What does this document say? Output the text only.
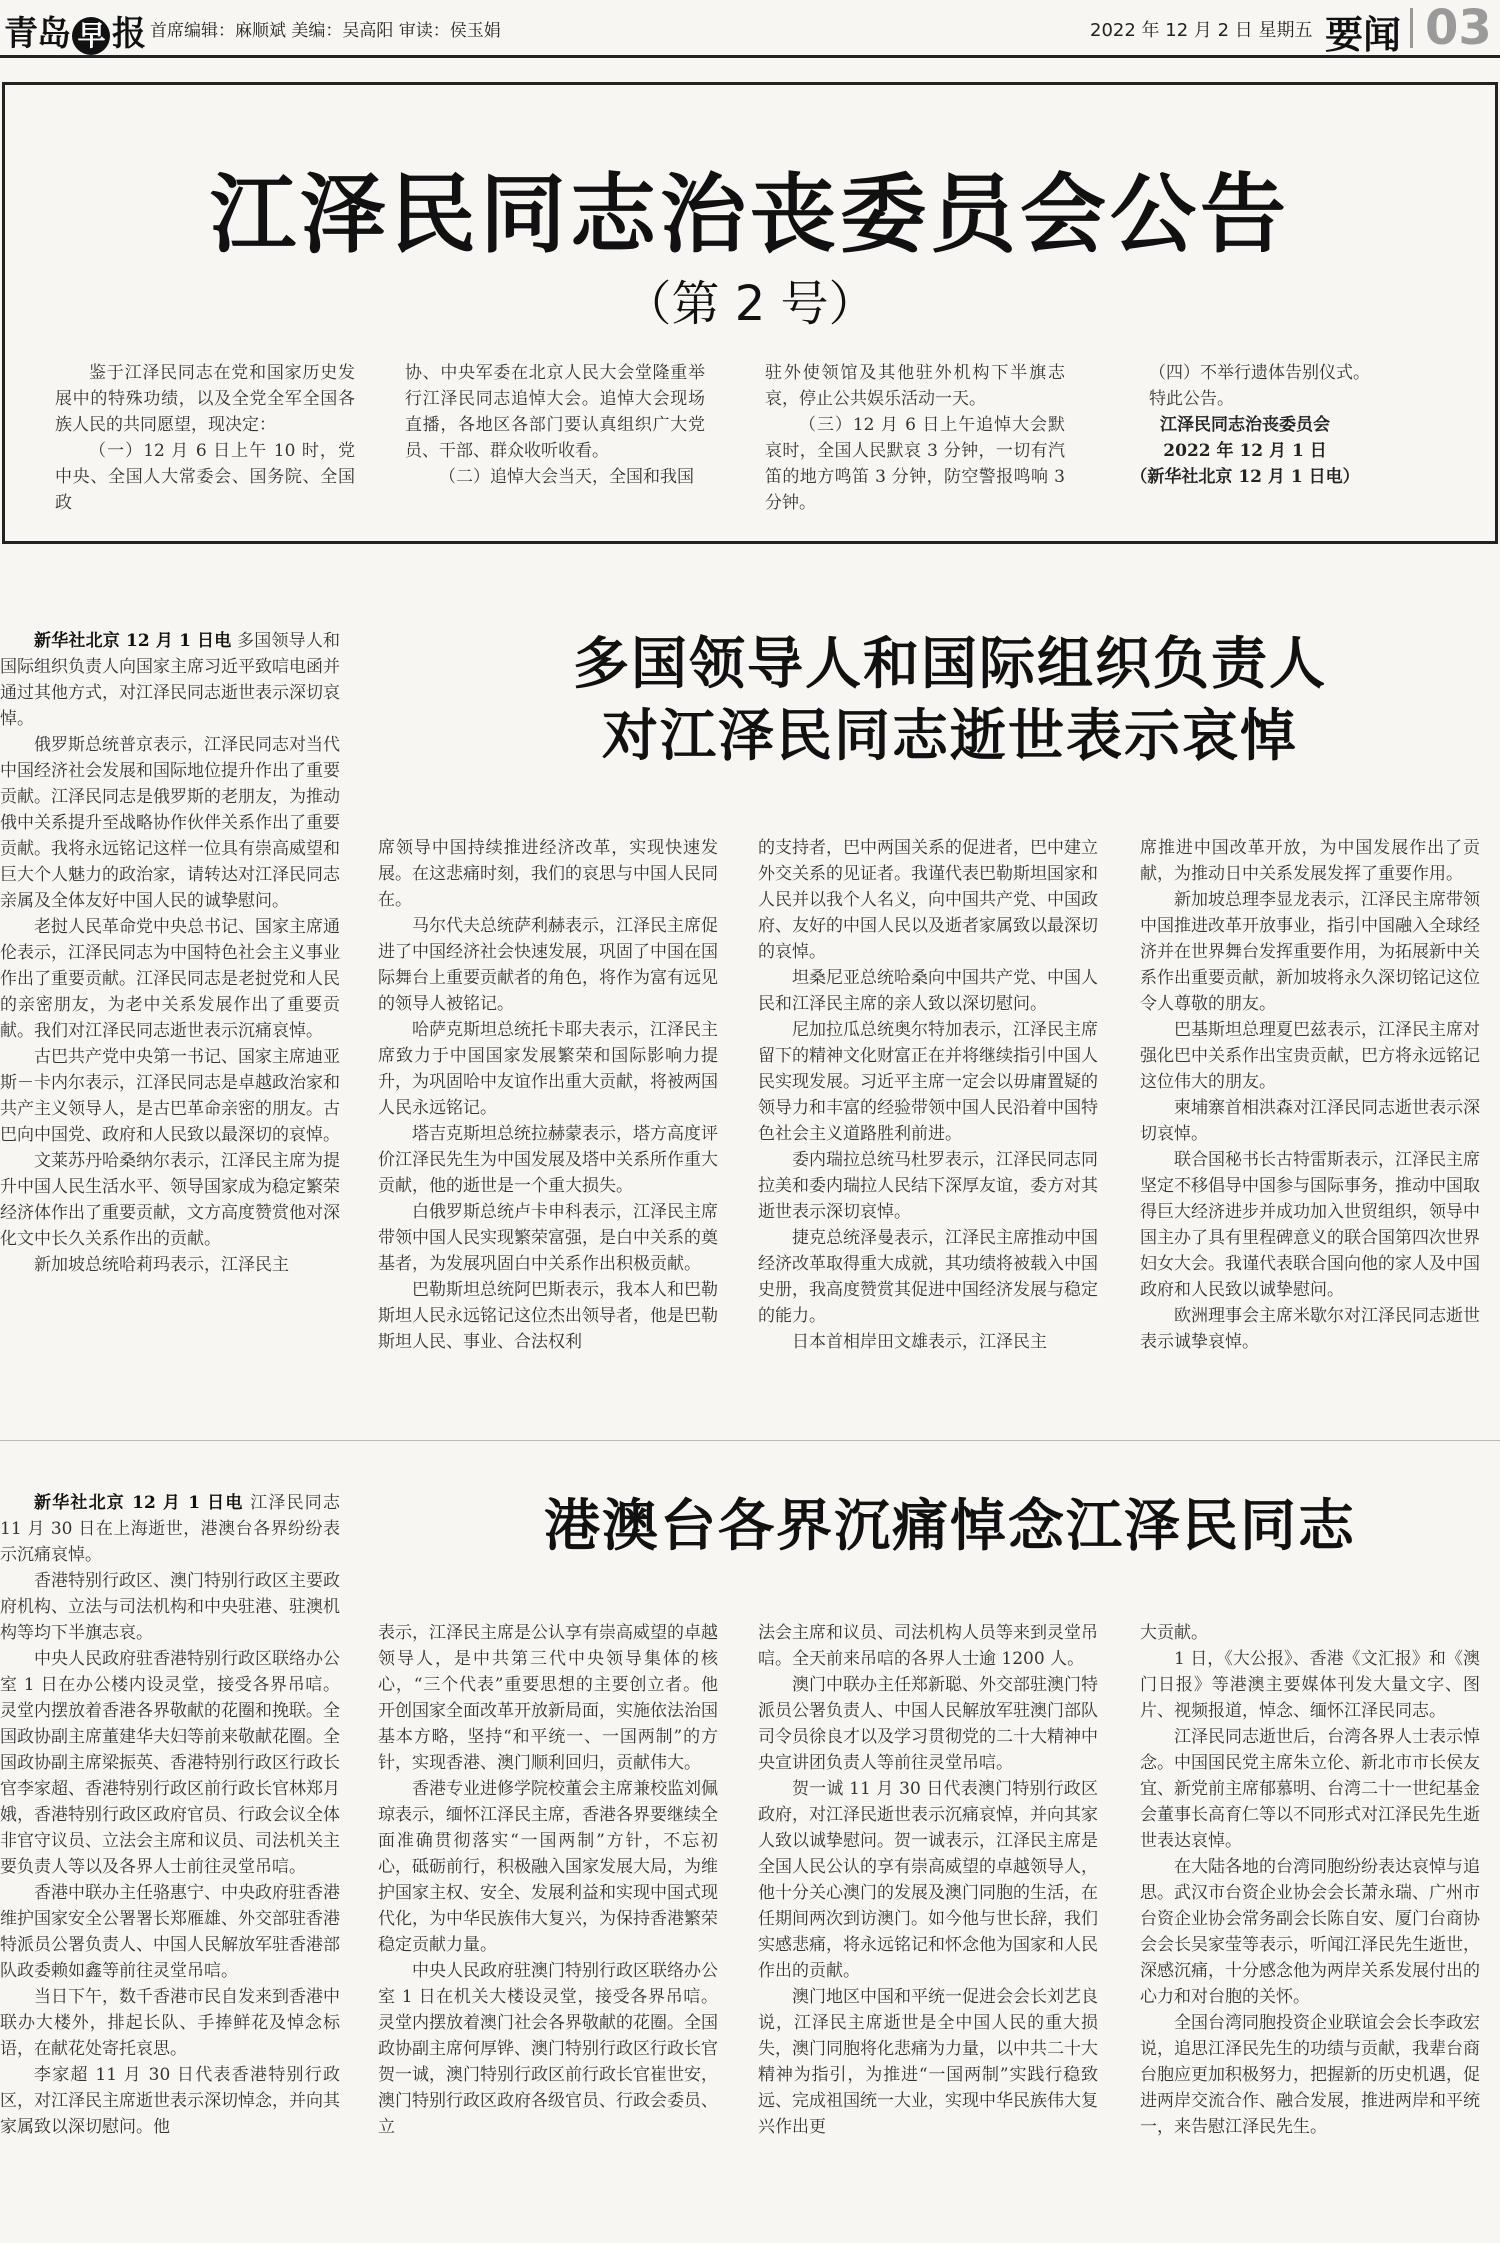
青岛 早 报 首席编辑：麻顺斌 美编：吴高阳 审读：侯玉娟	2022 年 12 月 2 日 星期五 要闻 03
江泽民同志治丧委员会公告
（第 2 号）

鉴于江泽民同志在党和国家历史发展中的特殊功绩，以及全党全军全国各族人民的共同愿望，现决定：

（一）12 月 6 日上午 10 时，党中央、全国人大常委会、国务院、全国政

协、中央军委在北京人民大会堂隆重举行江泽民同志追悼大会。追悼大会现场直播，各地区各部门要认真组织广大党员、干部、群众收听收看。

（二）追悼大会当天，全国和我国

驻外使领馆及其他驻外机构下半旗志哀，停止公共娱乐活动一天。

（三）12 月 6 日上午追悼大会默哀时，全国人民默哀 3 分钟，一切有汽笛的地方鸣笛 3 分钟，防空警报鸣响 3 分钟。

（四）不举行遗体告别仪式。

特此公告。

江泽民同志治丧委员会
2022 年 12 月 1 日
（新华社北京 12 月 1 日电）

新华社北京 12 月 1 日电 多国领导人和国际组织负责人向国家主席习近平致唁电函并通过其他方式，对江泽民同志逝世表示深切哀悼。

俄罗斯总统普京表示，江泽民同志对当代中国经济社会发展和国际地位提升作出了重要贡献。江泽民同志是俄罗斯的老朋友，为推动俄中关系提升至战略协作伙伴关系作出了重要贡献。我将永远铭记这样一位具有崇高威望和巨大个人魅力的政治家，请转达对江泽民同志亲属及全体友好中国人民的诚挚慰问。

老挝人民革命党中央总书记、国家主席通伦表示，江泽民同志为中国特色社会主义事业作出了重要贡献。江泽民同志是老挝党和人民的亲密朋友，为老中关系发展作出了重要贡献。我们对江泽民同志逝世表示沉痛哀悼。

古巴共产党中央第一书记、国家主席迪亚斯－卡内尔表示，江泽民同志是卓越政治家和共产主义领导人，是古巴革命亲密的朋友。古巴向中国党、政府和人民致以最深切的哀悼。

文莱苏丹哈桑纳尔表示，江泽民主席为提升中国人民生活水平、领导国家成为稳定繁荣经济体作出了重要贡献，文方高度赞赏他对深化文中长久关系作出的贡献。

新加坡总统哈莉玛表示，江泽民主

多国领导人和国际组织负责人
对江泽民同志逝世表示哀悼

席领导中国持续推进经济改革，实现快速发展。在这悲痛时刻，我们的哀思与中国人民同在。

马尔代夫总统萨利赫表示，江泽民主席促进了中国经济社会快速发展，巩固了中国在国际舞台上重要贡献者的角色，将作为富有远见的领导人被铭记。

哈萨克斯坦总统托卡耶夫表示，江泽民主席致力于中国国家发展繁荣和国际影响力提升，为巩固哈中友谊作出重大贡献，将被两国人民永远铭记。

塔吉克斯坦总统拉赫蒙表示，塔方高度评价江泽民先生为中国发展及塔中关系所作重大贡献，他的逝世是一个重大损失。

白俄罗斯总统卢卡申科表示，江泽民主席带领中国人民实现繁荣富强，是白中关系的奠基者，为发展巩固白中关系作出积极贡献。

巴勒斯坦总统阿巴斯表示，我本人和巴勒斯坦人民永远铭记这位杰出领导者，他是巴勒斯坦人民、事业、合法权利

的支持者，巴中两国关系的促进者，巴中建立外交关系的见证者。我谨代表巴勒斯坦国家和人民并以我个人名义，向中国共产党、中国政府、友好的中国人民以及逝者家属致以最深切的哀悼。

坦桑尼亚总统哈桑向中国共产党、中国人民和江泽民主席的亲人致以深切慰问。

尼加拉瓜总统奥尔特加表示，江泽民主席留下的精神文化财富正在并将继续指引中国人民实现发展。习近平主席一定会以毋庸置疑的领导力和丰富的经验带领中国人民沿着中国特色社会主义道路胜利前进。

委内瑞拉总统马杜罗表示，江泽民同志同拉美和委内瑞拉人民结下深厚友谊，委方对其逝世表示深切哀悼。

捷克总统泽曼表示，江泽民主席推动中国经济改革取得重大成就，其功绩将被载入中国史册，我高度赞赏其促进中国经济发展与稳定的能力。

日本首相岸田文雄表示，江泽民主

席推进中国改革开放，为中国发展作出了贡献，为推动日中关系发展发挥了重要作用。

新加坡总理李显龙表示，江泽民主席带领中国推进改革开放事业，指引中国融入全球经济并在世界舞台发挥重要作用，为拓展新中关系作出重要贡献，新加坡将永久深切铭记这位令人尊敬的朋友。

巴基斯坦总理夏巴兹表示，江泽民主席对强化巴中关系作出宝贵贡献，巴方将永远铭记这位伟大的朋友。

柬埔寨首相洪森对江泽民同志逝世表示深切哀悼。

联合国秘书长古特雷斯表示，江泽民主席坚定不移倡导中国参与国际事务，推动中国取得巨大经济进步并成功加入世贸组织，领导中国主办了具有里程碑意义的联合国第四次世界妇女大会。我谨代表联合国向他的家人及中国政府和人民致以诚挚慰问。

欧洲理事会主席米歇尔对江泽民同志逝世表示诚挚哀悼。

新华社北京 12 月 1 日电 江泽民同志 11 月 30 日在上海逝世，港澳台各界纷纷表示沉痛哀悼。

香港特别行政区、澳门特别行政区主要政府机构、立法与司法机构和中央驻港、驻澳机构等均下半旗志哀。

中央人民政府驻香港特别行政区联络办公室 1 日在办公楼内设灵堂，接受各界吊唁。灵堂内摆放着香港各界敬献的花圈和挽联。全国政协副主席董建华夫妇等前来敬献花圈。全国政协副主席梁振英、香港特别行政区行政长官李家超、香港特别行政区前行政长官林郑月娥，香港特别行政区政府官员、行政会议全体非官守议员、立法会主席和议员、司法机关主要负责人等以及各界人士前往灵堂吊唁。

香港中联办主任骆惠宁、中央政府驻香港维护国家安全公署署长郑雁雄、外交部驻香港特派员公署负责人、中国人民解放军驻香港部队政委赖如鑫等前往灵堂吊唁。

当日下午，数千香港市民自发来到香港中联办大楼外，排起长队、手捧鲜花及悼念标语，在献花处寄托哀思。

李家超 11 月 30 日代表香港特别行政区，对江泽民主席逝世表示深切悼念，并向其家属致以深切慰问。他

港澳台各界沉痛悼念江泽民同志

表示，江泽民主席是公认享有崇高威望的卓越领导人，是中共第三代中央领导集体的核心，“三个代表”重要思想的主要创立者。他开创国家全面改革开放新局面，实施依法治国基本方略，坚持“和平统一、一国两制”的方针，实现香港、澳门顺利回归，贡献伟大。

香港专业进修学院校董会主席兼校监刘佩琼表示，缅怀江泽民主席，香港各界要继续全面准确贯彻落实“一国两制”方针，不忘初心，砥砺前行，积极融入国家发展大局，为维护国家主权、安全、发展利益和实现中国式现代化，为中华民族伟大复兴，为保持香港繁荣稳定贡献力量。

中央人民政府驻澳门特别行政区联络办公室 1 日在机关大楼设灵堂，接受各界吊唁。灵堂内摆放着澳门社会各界敬献的花圈。全国政协副主席何厚铧、澳门特别行政区行政长官贺一诚，澳门特别行政区前行政长官崔世安，澳门特别行政区政府各级官员、行政会委员、立

法会主席和议员、司法机构人员等来到灵堂吊唁。全天前来吊唁的各界人士逾 1200 人。

澳门中联办主任郑新聪、外交部驻澳门特派员公署负责人、中国人民解放军驻澳门部队司令员徐良才以及学习贯彻党的二十大精神中央宣讲团负责人等前往灵堂吊唁。

贺一诚 11 月 30 日代表澳门特别行政区政府，对江泽民逝世表示沉痛哀悼，并向其家人致以诚挚慰问。贺一诚表示，江泽民主席是全国人民公认的享有崇高威望的卓越领导人，他十分关心澳门的发展及澳门同胞的生活，在任期间两次到访澳门。如今他与世长辞，我们实感悲痛，将永远铭记和怀念他为国家和人民作出的贡献。

澳门地区中国和平统一促进会会长刘艺良说，江泽民主席逝世是全中国人民的重大损失，澳门同胞将化悲痛为力量，以中共二十大精神为指引，为推进“一国两制”实践行稳致远、完成祖国统一大业，实现中华民族伟大复兴作出更

大贡献。

1 日，《大公报》、香港《文汇报》和《澳门日报》等港澳主要媒体刊发大量文字、图片、视频报道，悼念、缅怀江泽民同志。

江泽民同志逝世后，台湾各界人士表示悼念。中国国民党主席朱立伦、新北市市长侯友宜、新党前主席郁慕明、台湾二十一世纪基金会董事长高育仁等以不同形式对江泽民先生逝世表达哀悼。

在大陆各地的台湾同胞纷纷表达哀悼与追思。武汉市台资企业协会会长萧永瑞、广州市台资企业协会常务副会长陈自安、厦门台商协会会长吴家莹等表示，听闻江泽民先生逝世，深感沉痛，十分感念他为两岸关系发展付出的心力和对台胞的关怀。

全国台湾同胞投资企业联谊会会长李政宏说，追思江泽民先生的功绩与贡献，我辈台商台胞应更加积极努力，把握新的历史机遇，促进两岸交流合作、融合发展，推进两岸和平统一，来告慰江泽民先生。
